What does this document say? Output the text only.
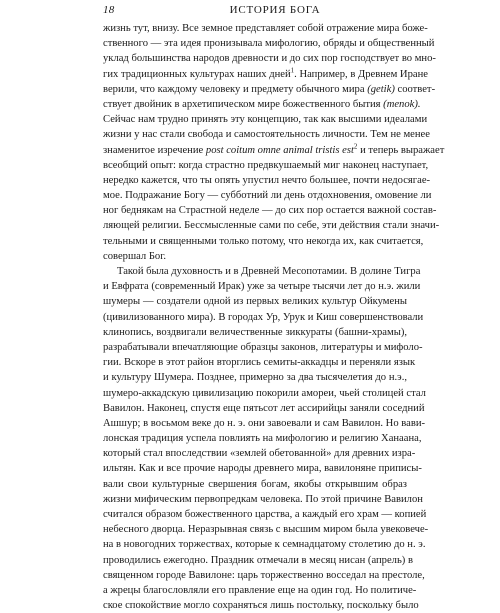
18	ИСТОРИЯ БОГА
жизнь тут, внизу. Все земное представляет собой отражение мира боже-
ственного — эта идея пронизывала мифологию, обряды и общественный
уклад большинства народов древности и до сих пор господствует во мно-
гих традиционных культурах наших дней$^1$. Например, в Древнем Иране
верили, что каждому человеку и предмету обычного мира (getik) соответ-
ствует двойник в архетипическом мире божественного бытия (menok).
Сейчас нам трудно принять эту концепцию, так как высшими идеалами
жизни у нас стали свобода и самостоятельность личности. Тем не менее
знаменитое изречение post coitum omne animal tristis est$^2$ и теперь выражает
всеобщий опыт: когда страстно предвкушаемый миг наконец наступает,
нередко кажется, что ты опять упустил нечто большее, почти недосягае-
мое. Подражание Богу — субботний ли день отдохновения, омовение ли
ног беднякам на Страстной неделе — до сих пор остается важной состав-
ляющей религии. Бессмысленные сами по себе, эти действия стали значи-
тельными и священными только потому, что некогда их, как считается,
совершал Бог.
Такой была духовность и в Древней Месопотамии. В долине Тигра
и Евфрата (современный Ирак) уже за четыре тысячи лет до н.э. жили
шумеры — создатели одной из первых великих культур Ойкумены
(цивилизованного мира). В городах Ур, Урук и Киш совершенствовали
клинопись, воздвигали величественные зиккураты (башни-храмы),
разрабатывали впечатляющие образцы законов, литературы и мифоло-
гии. Вскоре в этот район вторглись семиты-аккадцы и переняли язык
и культуру Шумера. Позднее, примерно за два тысячелетия до н.э.,
шумеро-аккадскую цивилизацию покорили амореи, чьей столицей стал
Вавилон. Наконец, спустя еще пятьсот лет ассирийцы заняли соседний
Ашшур; в восьмом веке до н. э. они завоевали и сам Вавилон. Но вави-
лонская традиция успела повлиять на мифологию и религию Ханаана,
который стал впоследствии «землей обетованной» для древних изра-
ильтян. Как и все прочие народы древнего мира, вавилоняне приписы-
вали свои культурные свершения богам, якобы открывшим образ
жизни мифическим первопредкам человека. По этой причине Вавилон
считался образом божественного царства, а каждый его храм — копией
небесного дворца. Неразрывная связь с высшим миром была увековече-
на в новогодних торжествах, которые к семнадцатому столетию до н. э.
проводились ежегодно. Праздник отмечали в месяц нисан (апрель) в
священном городе Вавилоне: царь торжественно восседал на престоле,
а жрецы благословляли его правление еще на один год. Но политиче-
ское спокойствие могло сохраняться лишь постольку, поскольку было
